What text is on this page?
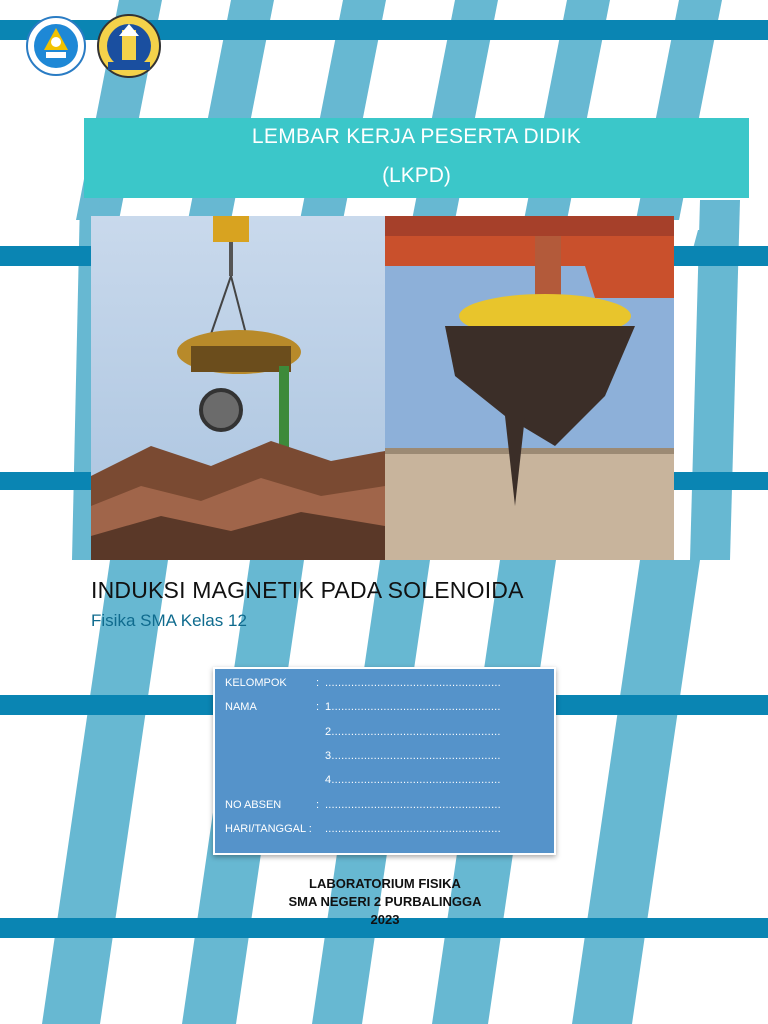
LEMBAR KERJA PESERTA DIDIK
(LKPD)
INDUKSI MAGNETIK PADA SOLENOIDA
Fisika SMA Kelas 12
KELOMPOK	: ......................................................
NAMA	: 1....................................................
2....................................................
3....................................................
4....................................................
NO ABSEN	: ......................................................
HARI/TANGGAL : ......................................................
LABORATORIUM FISIKA
SMA NEGERI 2 PURBALINGGA
2023
